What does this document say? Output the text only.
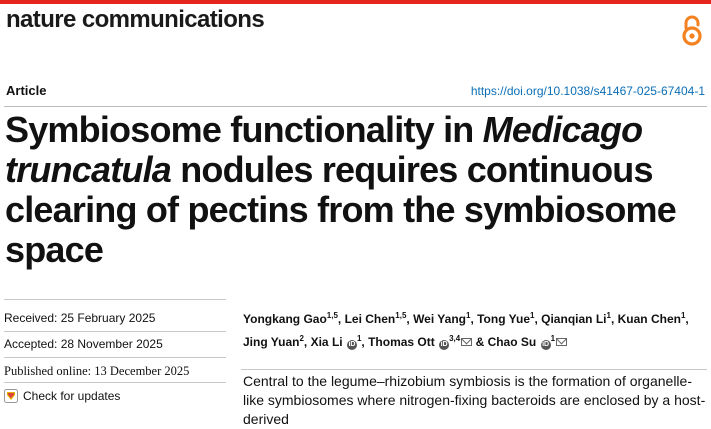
nature communications

Article	https://doi.org/10.1038/s41467-025-67404-1
Symbiosome functionality in Medicago truncatula nodules requires continuous clearing of pectins from the symbiosome space
Received: 25 February 2025
Accepted: 28 November 2025
Published online: 13 December 2025
Check for updates

Yongkang Gao$^{1,5}$, Lei Chen$^{1,5}$, Wei Yang$^1$, Tong Yue$^1$, Qianqian Li$^1$, Kuan Chen$^1$, Jing Yuan$^2$, Xia Li $iD^1$, Thomas Ott iD$^{3,4}$ & Chao Su $iD^1$

Central to the legume–rhizobium symbiosis is the formation of organelle-like symbiosomes where nitrogen-fixing bacteroids are enclosed by a host-derived
